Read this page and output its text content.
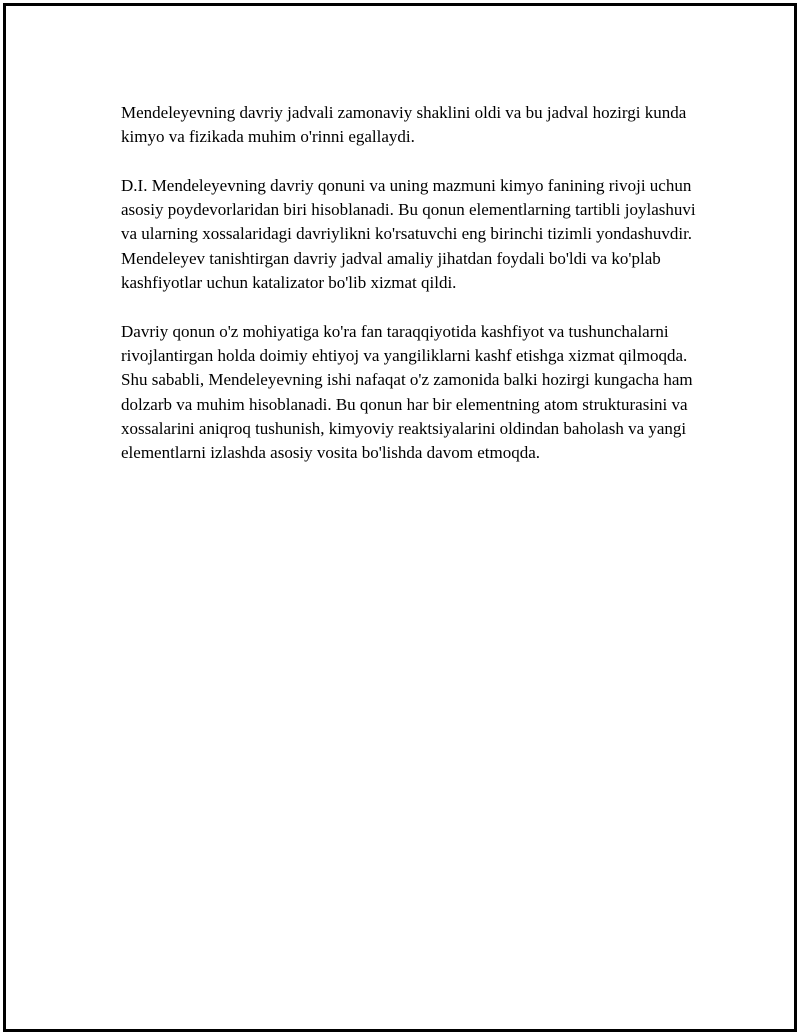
Mendeleyevning davriy jadvali zamonaviy shaklini oldi va bu jadval hozirgi kunda kimyo va fizikada muhim o'rinni egallaydi.

D.I. Mendeleyevning davriy qonuni va uning mazmuni kimyo fanining rivoji uchun asosiy poydevorlaridan biri hisoblanadi. Bu qonun elementlarning tartibli joylashuvi va ularning xossalaridagi davriylikni ko'rsatuvchi eng birinchi tizimli yondashuvdir. Mendeleyev tanishtirgan davriy jadval amaliy jihatdan foydali bo'ldi va ko'plab kashfiyotlar uchun katalizator bo'lib xizmat qildi.

Davriy qonun o'z mohiyatiga ko'ra fan taraqqiyotida kashfiyot va tushunchalarni rivojlantirgan holda doimiy ehtiyoj va yangiliklarni kashf etishga xizmat qilmoqda. Shu sababli, Mendeleyevning ishi nafaqat o'z zamonida balki hozirgi kungacha ham dolzarb va muhim hisoblanadi. Bu qonun har bir elementning atom strukturasini va xossalarini aniqroq tushunish, kimyoviy reaktsiyalarini oldindan baholash va yangi elementlarni izlashda asosiy vosita bo'lishda davom etmoqda.
